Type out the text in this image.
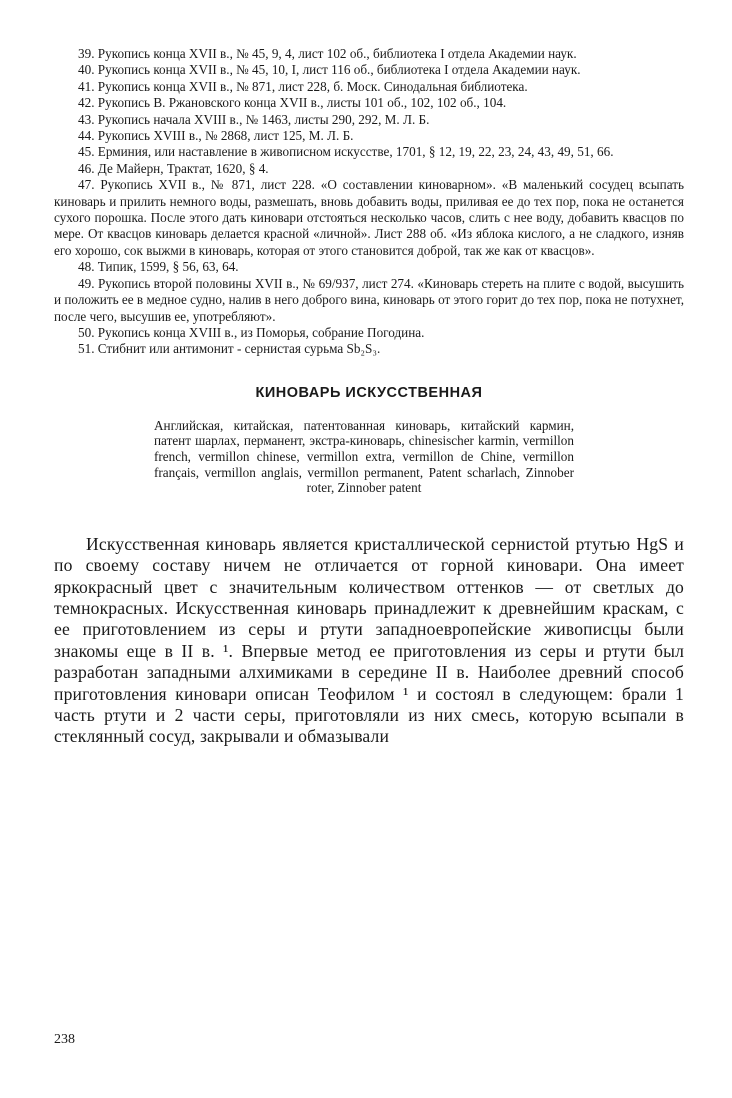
39. Рукопись конца XVII в., № 45, 9, 4, лист 102 об., библиотека I отдела Академии наук.

40. Рукопись конца XVII в., № 45, 10, I, лист 116 об., библиотека I отдела Академии наук.

41. Рукопись конца XVII в., № 871, лист 228, б. Моск. Синодальная библиотека.

42. Рукопись В. Ржановского конца XVII в., листы 101 об., 102, 102 об., 104.

43. Рукопись начала XVIII в., № 1463, листы 290, 292, М. Л. Б.

44. Рукопись XVIII в., № 2868, лист 125, М. Л. Б.

45. Ерминия, или наставление в живописном искусстве, 1701, § 12, 19, 22, 23, 24, 43, 49, 51, 66.

46. Де Майерн, Трактат, 1620, § 4.

47. Рукопись XVII в., № 871, лист 228. «О составлении киноварном». «В маленький сосудец всыпать киноварь и прилить немного воды, размешать, вновь добавить воды, приливая ее до тех пор, пока не останется сухого порошка. После этого дать киновари отстояться несколько часов, слить с нее воду, добавить квасцов по мере. От квасцов киноварь делается красной «личной». Лист 288 об. «Из яблока кислого, а не сладкого, изняв его хорошо, сок выжми в киноварь, которая от этого становится доброй, так же как от квасцов».

48. Типик, 1599, § 56, 63, 64.

49. Рукопись второй половины XVII в., № 69/937, лист 274. «Киноварь стереть на плите с водой, высушить и положить ее в медное судно, налив в него доброго вина, киноварь от этого горит до тех пор, пока не потухнет, после чего, высушив ее, употребляют».

50. Рукопись конца XVIII в., из Поморья, собрание Погодина.

51. Стибнит или антимонит - сернистая сурьма Sb₂S₃.

КИНОВАРЬ ИСКУССТВЕННАЯ

Английская, китайская, патентованная киноварь, китайский кармин, патент шарлах, перманент, экстра-киноварь, chinesischer karmin, vermillon french, vermillon chinese, vermillon extra, vermillon de Chine, vermillon français, vermillon anglais, vermillon permanent, Patent scharlach, Zinnober roter, Zinnober patent

Искусственная киноварь является кристаллической сернистой ртутью HgS и по своему составу ничем не отличается от горной киновари. Она имеет яркокрасный цвет с значительным количеством оттенков — от светлых до темнокрасных. Искусственная киноварь принадлежит к древнейшим краскам, с ее приготовлением из серы и ртути западноевропейские живописцы были знакомы еще в II в. ¹. Впервые метод ее приготовления из серы и ртути был разработан западными алхимиками в середине II в. Наиболее древний способ приготовления киновари описан Теофилом ¹ и состоял в следующем: брали 1 часть ртути и 2 части серы, приготовляли из них смесь, которую всыпали в стеклянный сосуд, закрывали и обмазывали

238
